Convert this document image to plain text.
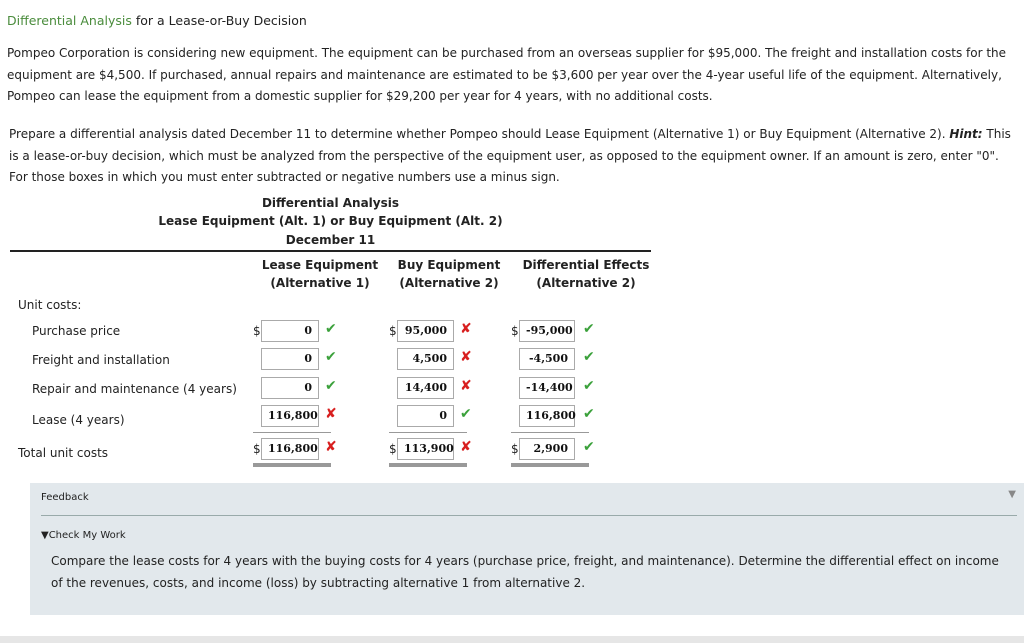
Differential Analysis for a Lease-or-Buy Decision
Pompeo Corporation is considering new equipment. The equipment can be purchased from an overseas supplier for $95,000. The freight and installation costs for the equipment are $4,500. If purchased, annual repairs and maintenance are estimated to be $3,600 per year over the 4-year useful life of the equipment. Alternatively, Pompeo can lease the equipment from a domestic supplier for $29,200 per year for 4 years, with no additional costs.
Prepare a differential analysis dated December 11 to determine whether Pompeo should Lease Equipment (Alternative 1) or Buy Equipment (Alternative 2). Hint: This is a lease-or-buy decision, which must be analyzed from the perspective of the equipment user, as opposed to the equipment owner. If an amount is zero, enter "0". For those boxes in which you must enter subtracted or negative numbers use a minus sign.
Differential Analysis
Lease Equipment (Alt. 1) or Buy Equipment (Alt. 2)
December 11
Lease Equipment
(Alternative 1)
Buy Equipment
(Alternative 2)
Differential Effects
(Alternative 2)
Unit costs:
Purchase price	$	0 ✔	$ 95,000 ✘	$ -95,000 ✔
Freight and installation	0 ✔	4,500 ✘	-4,500	✔
Repair and maintenance (4 years)	0 ✔	14,400 ✘	-14,400 ✔
Lease (4 years)	116,800 ✘	0 ✔	116,800 ✔
Total unit costs	$ 116,800 ✘	$ 113,900 ✘	$	2,900	✔
Feedback	▼
▼Check My Work
Compare the lease costs for 4 years with the buying costs for 4 years (purchase price, freight, and maintenance). Determine the differential effect on income of the revenues, costs, and income (loss) by subtracting alternative 1 from alternative 2.
